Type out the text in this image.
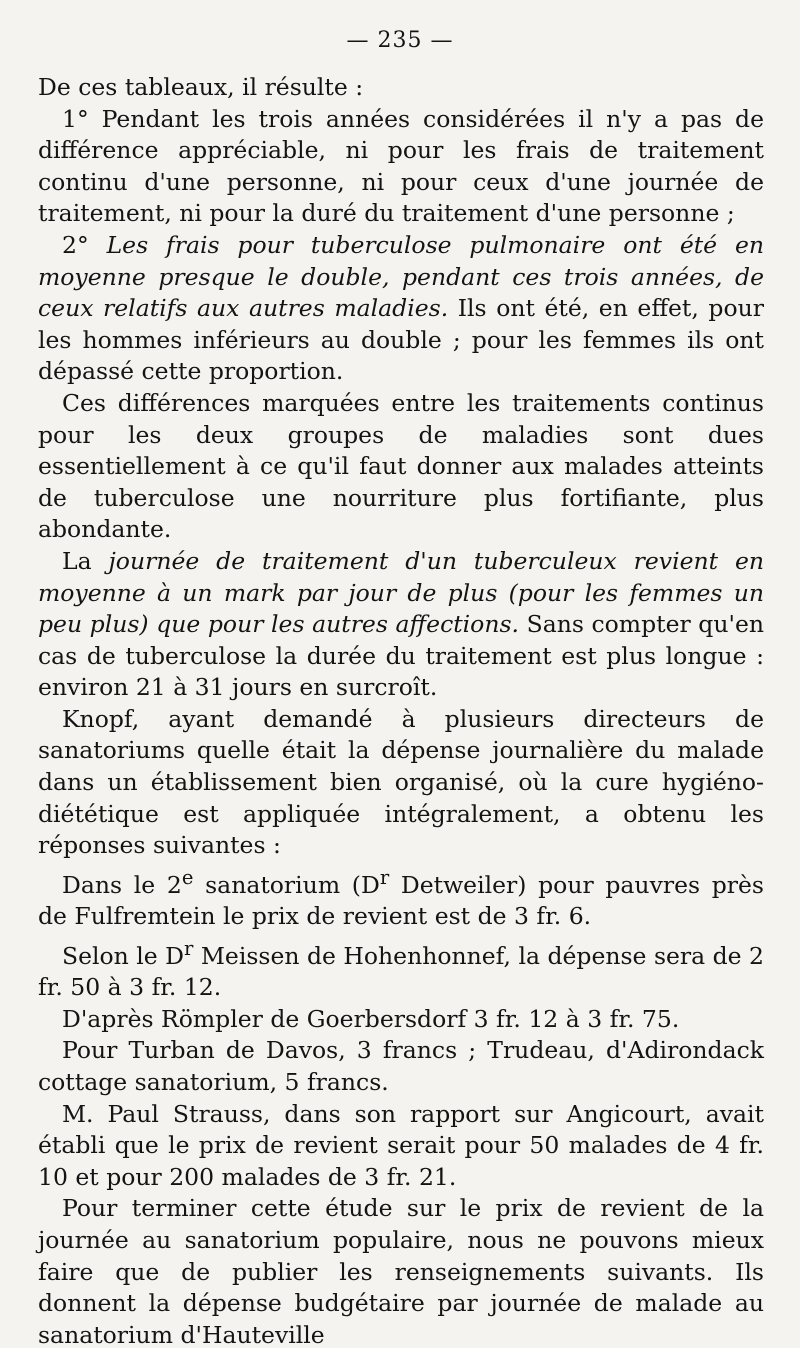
— 235 —

De ces tableaux, il résulte :

1° Pendant les trois années considérées il n'y a pas de différence appréciable, ni pour les frais de traitement continu d'une personne, ni pour ceux d'une journée de traitement, ni pour la duré du traitement d'une personne ;

2° Les frais pour tuberculose pulmonaire ont été en moyenne presque le double, pendant ces trois années, de ceux relatifs aux autres maladies. Ils ont été, en effet, pour les hommes inférieurs au double ; pour les femmes ils ont dépassé cette proportion.

Ces différences marquées entre les traitements continus pour les deux groupes de maladies sont dues essentiellement à ce qu'il faut donner aux malades atteints de tuberculose une nourriture plus fortifiante, plus abondante.

La journée de traitement d'un tuberculeux revient en moyenne à un mark par jour de plus (pour les femmes un peu plus) que pour les autres affections. Sans compter qu'en cas de tuberculose la durée du traitement est plus longue : environ 21 à 31 jours en surcroît.

Knopf, ayant demandé à plusieurs directeurs de sanatoriums quelle était la dépense journalière du malade dans un établissement bien organisé, où la cure hygiéno-diététique est appliquée intégralement, a obtenu les réponses suivantes :

Dans le 2e sanatorium ($D^r$ Detweiler) pour pauvres près de Fulfremtein le prix de revient est de 3 fr. 6.

Selon le $D^r$ Meissen de Hohenhonnef, la dépense sera de 2 fr. 50 à 3 fr. 12.

D'après Römpler de Goerbersdorf 3 fr. 12 à 3 fr. 75.

Pour Turban de Davos, 3 francs ; Trudeau, d'Adirondack cottage sanatorium, 5 francs.

M. Paul Strauss, dans son rapport sur Angicourt, avait établi que le prix de revient serait pour 50 malades de 4 fr. 10 et pour 200 malades de 3 fr. 21.

Pour terminer cette étude sur le prix de revient de la journée au sanatorium populaire, nous ne pouvons mieux faire que de publier les renseignements suivants. Ils donnent la dépense budgétaire par journée de malade au sanatorium d'Hauteville
